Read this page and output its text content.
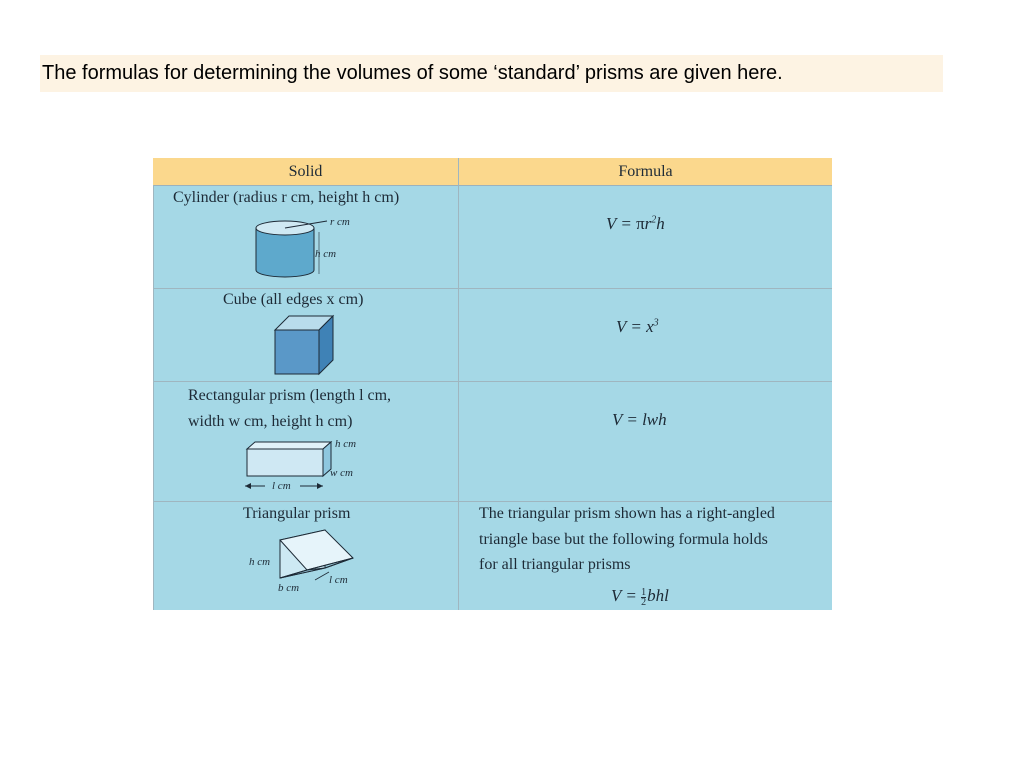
The formulas for determining the volumes of some ‘standard’ prisms are given here.
Solid	Formula
Cylinder (radius r cm, height h cm)
r cm
h cm
$V = \pi r^2h$
Cube (all edges x cm)
$V = x^3$
Rectangular prism (length l cm,
width w cm, height h cm)
h cm
w cm
l cm
V = lwh
Triangular prism
h cm
l cm
b cm
The triangular prism shown has a right-angled
triangle base but the following formula holds
for all triangular prisms
$V = \frac{1}{2}$ bhl
